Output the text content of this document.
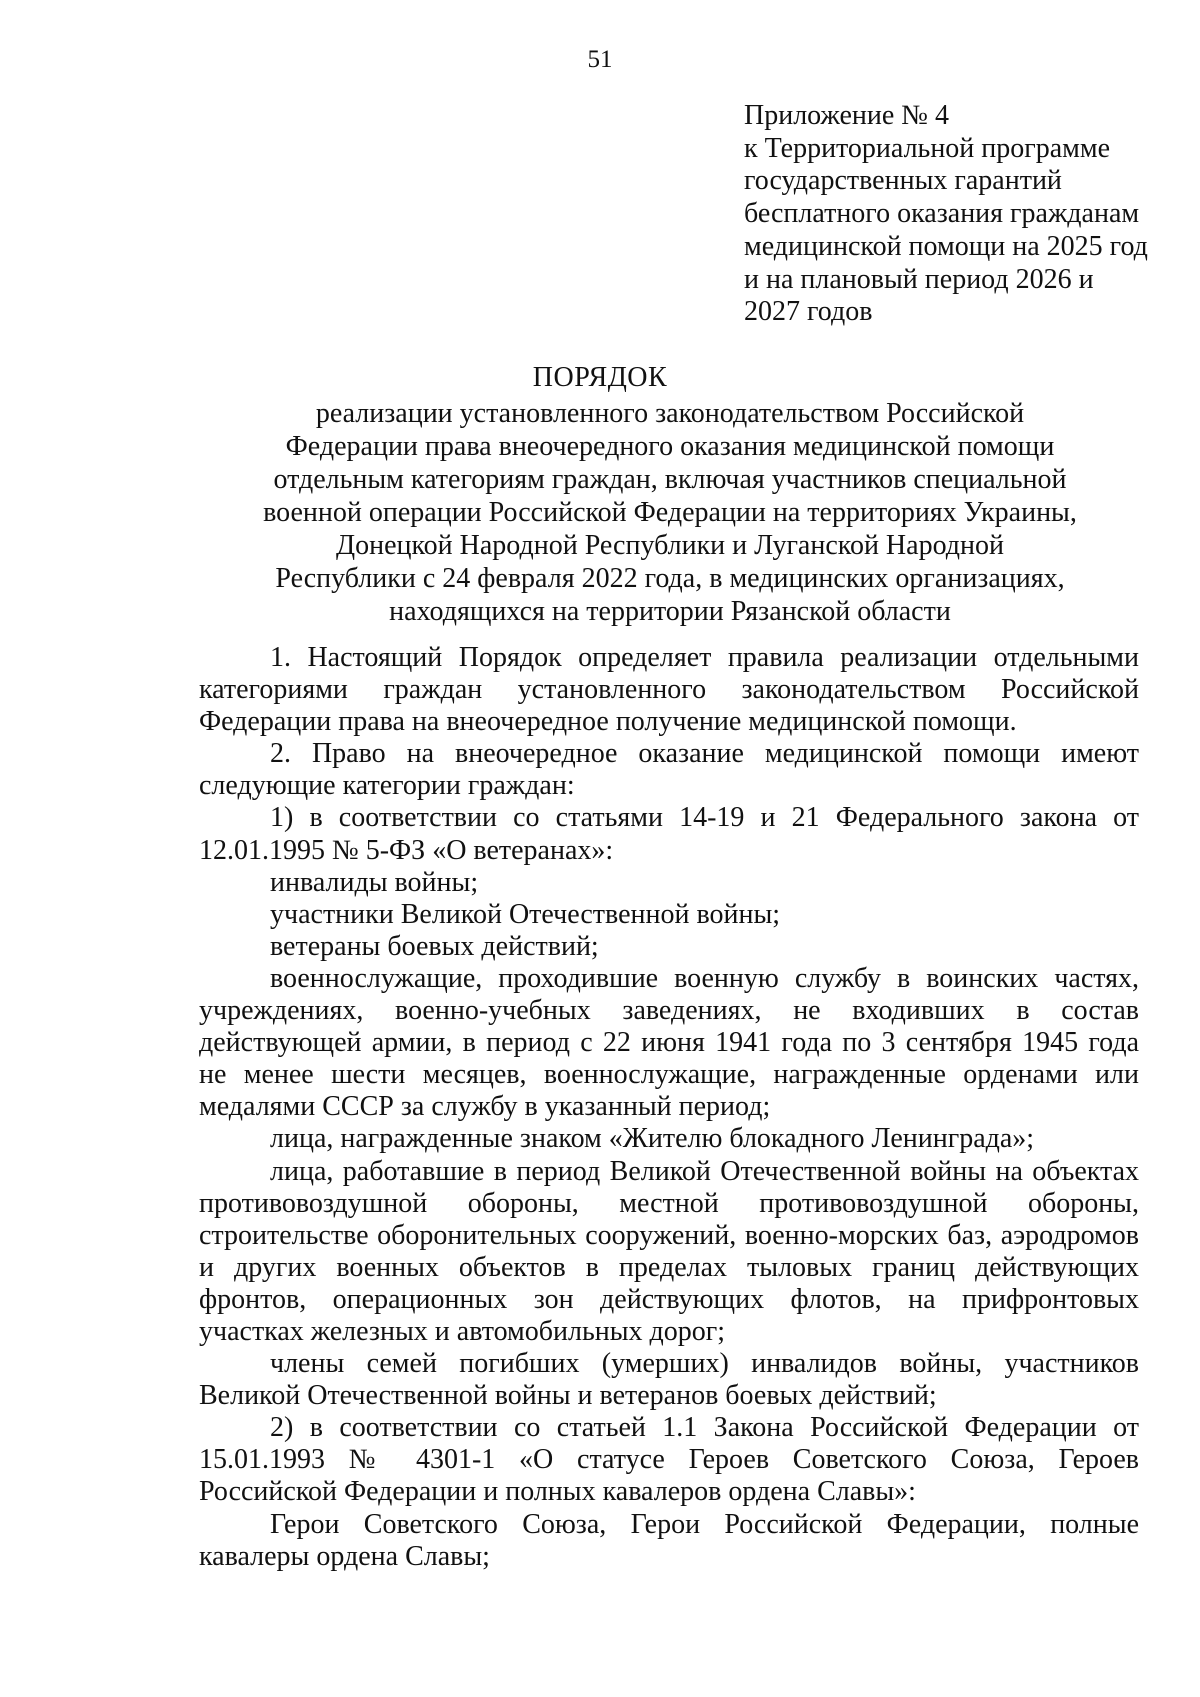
51
Приложение № 4
к Территориальной программе
государственных гарантий
бесплатного оказания гражданам
медицинской помощи на 2025 год
и на плановый период 2026 и
2027 годов
ПОРЯДОК
реализации установленного законодательством Российской
Федерации права внеочередного оказания медицинской помощи
отдельным категориям граждан, включая участников специальной
военной операции Российской Федерации на территориях Украины,
Донецкой Народной Республики и Луганской Народной
Республики с 24 февраля 2022 года, в медицинских организациях,
находящихся на территории Рязанской области
1. Настоящий Порядок определяет правила реализации отдельными
категориями граждан установленного законодательством Российской
Федерации права на внеочередное получение медицинской помощи.
2. Право на внеочередное оказание медицинской помощи имеют
следующие категории граждан:
1) в соответствии со статьями 14-19 и 21 Федерального закона от
12.01.1995 № 5-ФЗ «О ветеранах»:
инвалиды войны;
участники Великой Отечественной войны;
ветераны боевых действий;
военнослужащие, проходившие военную службу в воинских частях,
учреждениях, военно-учебных заведениях, не входивших в состав
действующей армии, в период с 22 июня 1941 года по 3 сентября 1945 года
не менее шести месяцев, военнослужащие, награжденные орденами или
медалями СССР за службу в указанный период;
лица, награжденные знаком «Жителю блокадного Ленинграда»;
лица, работавшие в период Великой Отечественной войны на объектах
противовоздушной обороны, местной противовоздушной обороны,
строительстве оборонительных сооружений, военно-морских баз, аэродромов
и других военных объектов в пределах тыловых границ действующих
фронтов, операционных зон действующих флотов, на прифронтовых
участках железных и автомобильных дорог;
члены семей погибших (умерших) инвалидов войны, участников
Великой Отечественной войны и ветеранов боевых действий;
2) в соответствии со статьей 1.1 Закона Российской Федерации от
15.01.1993 № 4301-1 «О статусе Героев Советского Союза, Героев
Российской Федерации и полных кавалеров ордена Славы»:
Герои Советского Союза, Герои Российской Федерации, полные
кавалеры ордена Славы;
